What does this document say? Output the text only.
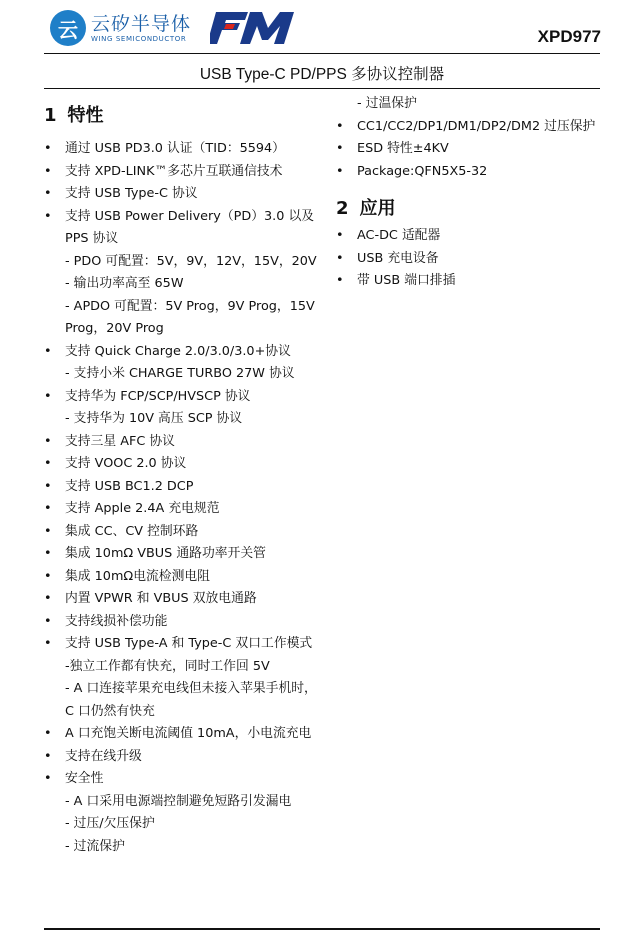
云 云矽半导体
WING SEMICONDUCTOR	XPD977
USB Type-C PD/PPS 多协议控制器
1 特性
• 通过 USB PD3.0 认证（TID：5594）
• 支持 XPD-LINK™多芯片互联通信技术
• 支持 USB Type-C 协议
• 支持 USB Power Delivery（PD）3.0 以及
PPS 协议
- PDO 可配置：5V，9V，12V，15V，20V
- 输出功率高至 65W
- APDO 可配置：5V Prog，9V Prog，15V
Prog，20V Prog
• 支持 Quick Charge 2.0/3.0/3.0+协议
- 支持小米 CHARGE TURBO 27W 协议
• 支持华为 FCP/SCP/HVSCP 协议
- 支持华为 10V 高压 SCP 协议
• 支持三星 AFC 协议
• 支持 VOOC 2.0 协议
• 支持 USB BC1.2 DCP
• 支持 Apple 2.4A 充电规范
• 集成 CC、CV 控制环路
• 集成 10mΩ VBUS 通路功率开关管
• 集成 10mΩ电流检测电阻
• 内置 VPWR 和 VBUS 双放电通路
• 支持线损补偿功能
• 支持 USB Type-A 和 Type-C 双口工作模式
-独立工作都有快充，同时工作回 5V
- A 口连接苹果充电线但未接入苹果手机时，
C 口仍然有快充
• A 口充饱关断电流阈值 10mA，小电流充电
• 支持在线升级
• 安全性
- A 口采用电源端控制避免短路引发漏电
- 过压/欠压保护
- 过流保护
- 过温保护
• CC1/CC2/DP1/DM1/DP2/DM2 过压保护
• ESD 特性±4KV
• Package:QFN5X5-32
2 应用
• AC-DC 适配器
• USB 充电设备
• 带 USB 端口排插
